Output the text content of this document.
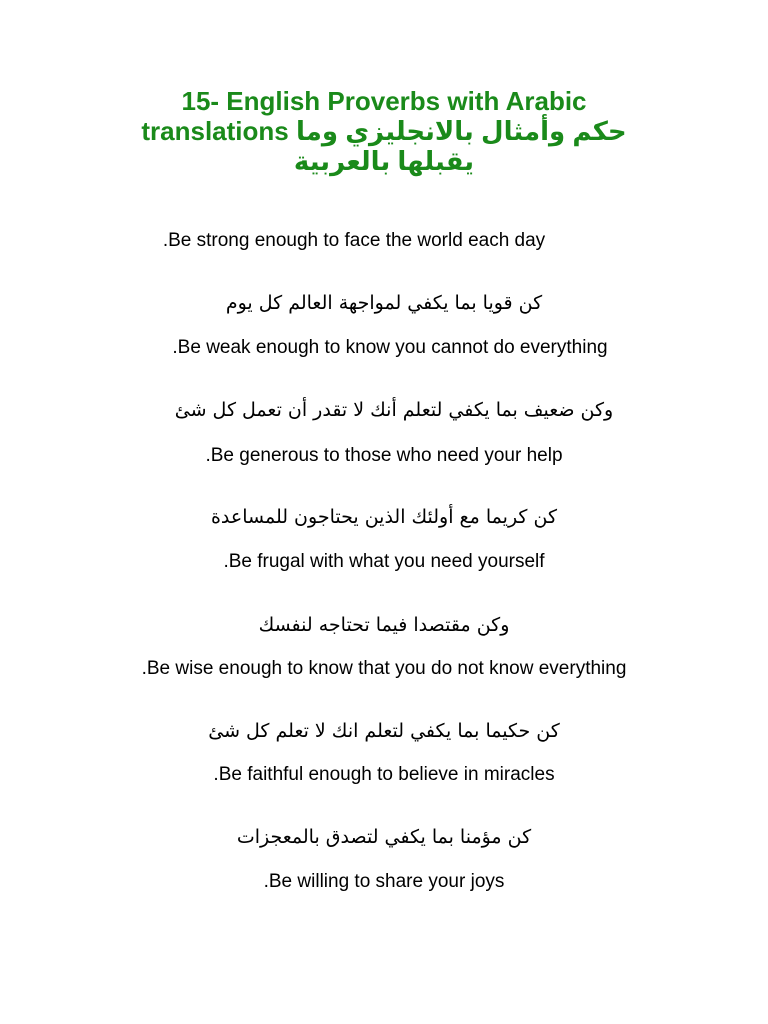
15- English Proverbs with Arabic
translations حكم وأمثال بالانجليزي وما
يقبلها بالعربية

.Be strong enough to face the world each day

كن قويا بما يكفي لمواجهة العالم كل يوم

.Be weak enough to know you cannot do everything

وكن ضعيف بما يكفي لتعلم أنك لا تقدر أن تعمل كل شئ

.Be generous to those who need your help

كن كريما مع أولئك الذين يحتاجون للمساعدة

.Be frugal with what you need yourself

وكن مقتصدا فيما تحتاجه لنفسك

.Be wise enough to know that you do not know everything

كن حكيما بما يكفي لتعلم انك لا تعلم كل شئ

.Be faithful enough to believe in miracles

كن مؤمنا بما يكفي لتصدق بالمعجزات

.Be willing to share your joys
